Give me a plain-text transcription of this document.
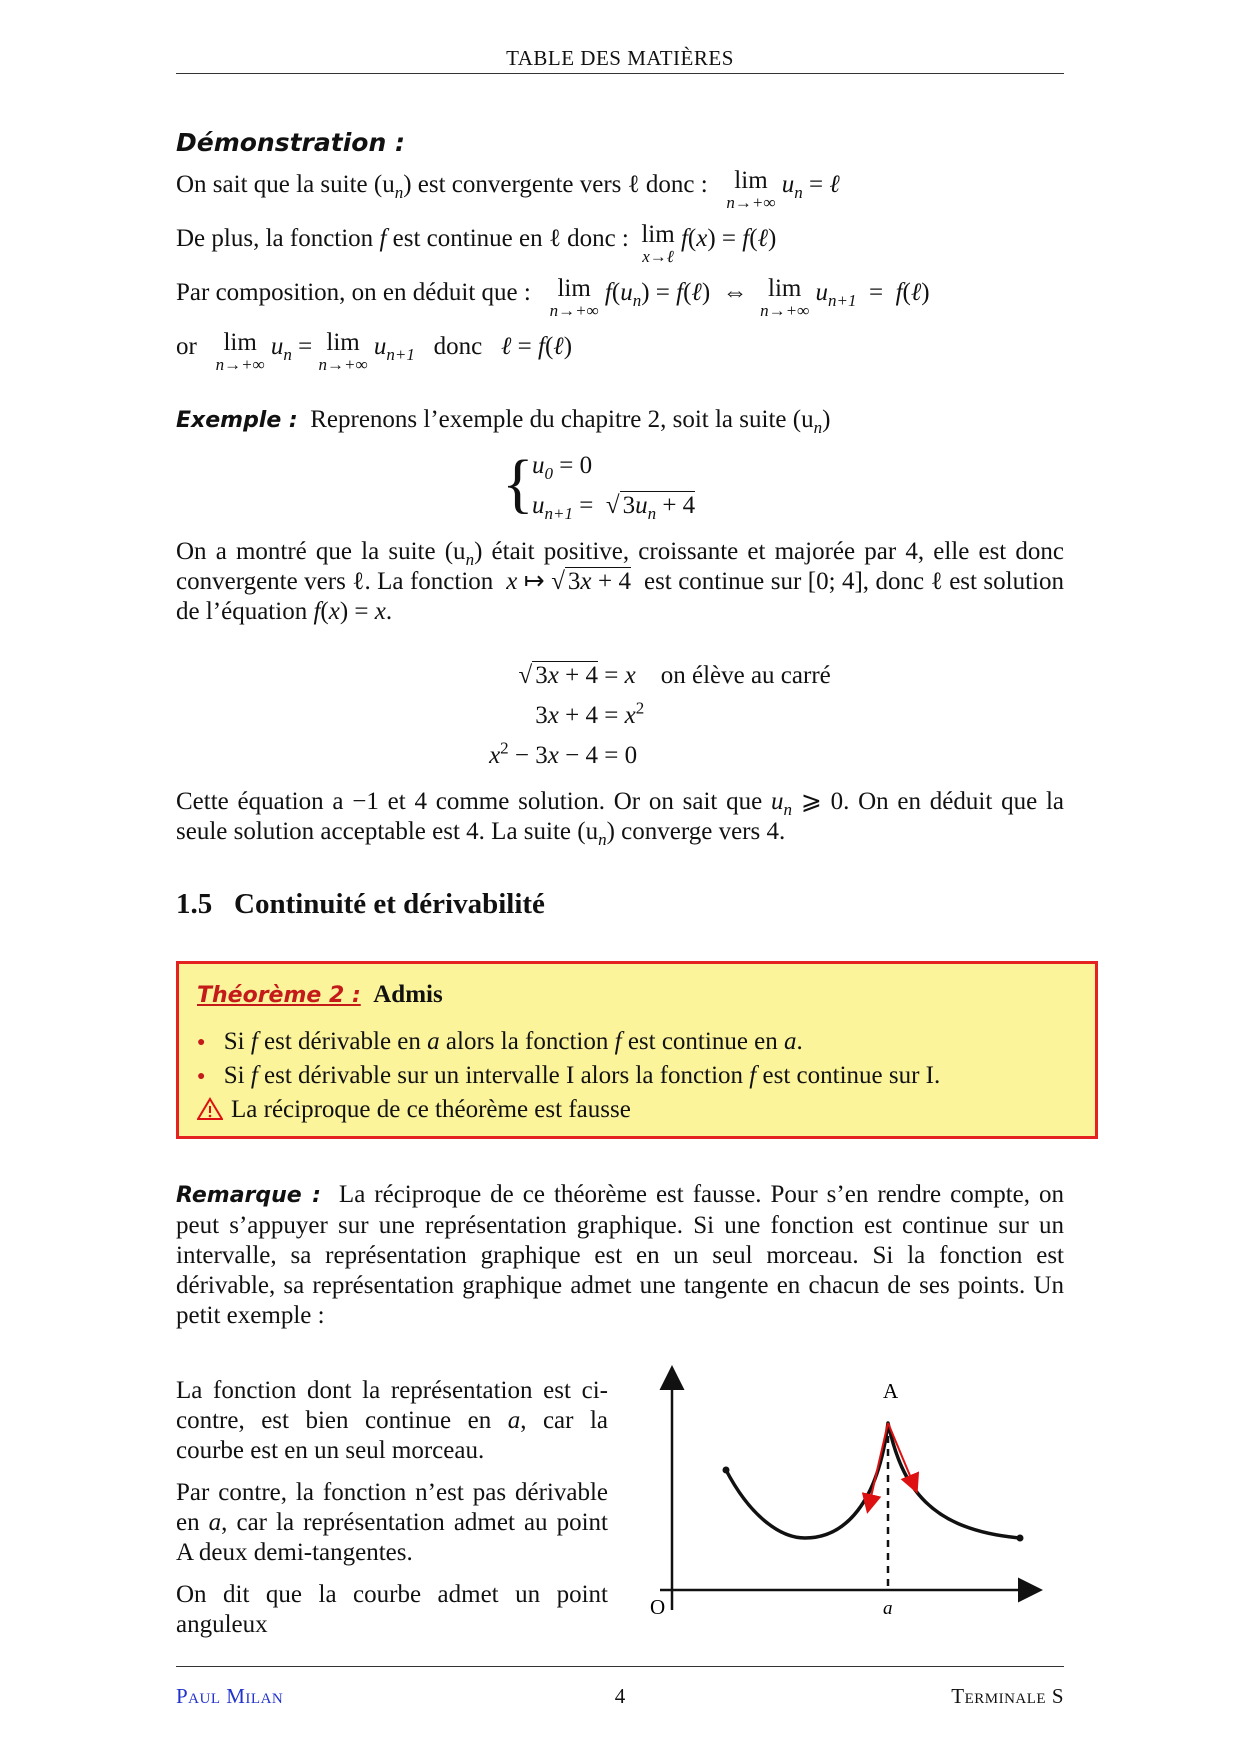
TABLE DES MATIÈRES
Démonstration :
On sait que la suite $(u_n)$ est convergente vers ℓ donc : lim
n→+∞
$u_n$ = ℓ
De plus, la fonction f est continue en ℓ donc : lim
x→ℓ
f(x) = f(ℓ)
Par composition, on en déduit que : lim
n→+∞
$f(u_n)$ = f(ℓ)  ⇔  lim
n→+∞
$u_{n+1}$  =  f(ℓ)
or lim
n→+∞
$u_n = \lim$
n→+∞
$u_{n+1}$ donc ℓ = f(ℓ)
Exemple : Reprenons l’exemple du chapitre 2, soit la suite $(u_n)$
{
$u_0 = 0$
$u_{n+1}$ =  √ $3u_n + 4$
On a montré que la suite $(u_n)$ était positive, croissante et majorée par 4, elle est donc convergente vers ℓ. La fonction x ↦ √ 3x + 4 est continue sur [0; 4], donc ℓ est solution de l’équation f(x) = x.
√ 3x + 4 = x on élève au carré
$3x + 4 = x^2$
$x^2 - 3x - 4 = 0$
Cette équation a −1 et 4 comme solution. Or on sait que $u_n$ ⩾ 0. On en déduit que la seule solution acceptable est 4. La suite $(u_n)$ converge vers 4.
1.5 Continuité et dérivabilité
Théorème 2 : Admis
● Si f est dérivable en a alors la fonction f est continue en a.
● Si f est dérivable sur un intervalle I alors la fonction f est continue sur I.
La réciproque de ce théorème est fausse
Remarque : La réciproque de ce théorème est fausse. Pour s’en rendre compte, on peut s’appuyer sur une représentation graphique. Si une fonction est continue sur un intervalle, sa représentation graphique est en un seul morceau. Si la fonction est dérivable, sa représentation graphique admet une tangente en chacun de ses points. Un petit exemple :
La fonction dont la représentation est ci-contre, est bien continue en a, car la courbe est en un seul morceau.
Par contre, la fonction n’est pas dérivable en a, car la représentation admet au point A deux demi-tangentes.
On dit que la courbe admet un point anguleux
A
O	a
Paul Milan	4	Terminale S
